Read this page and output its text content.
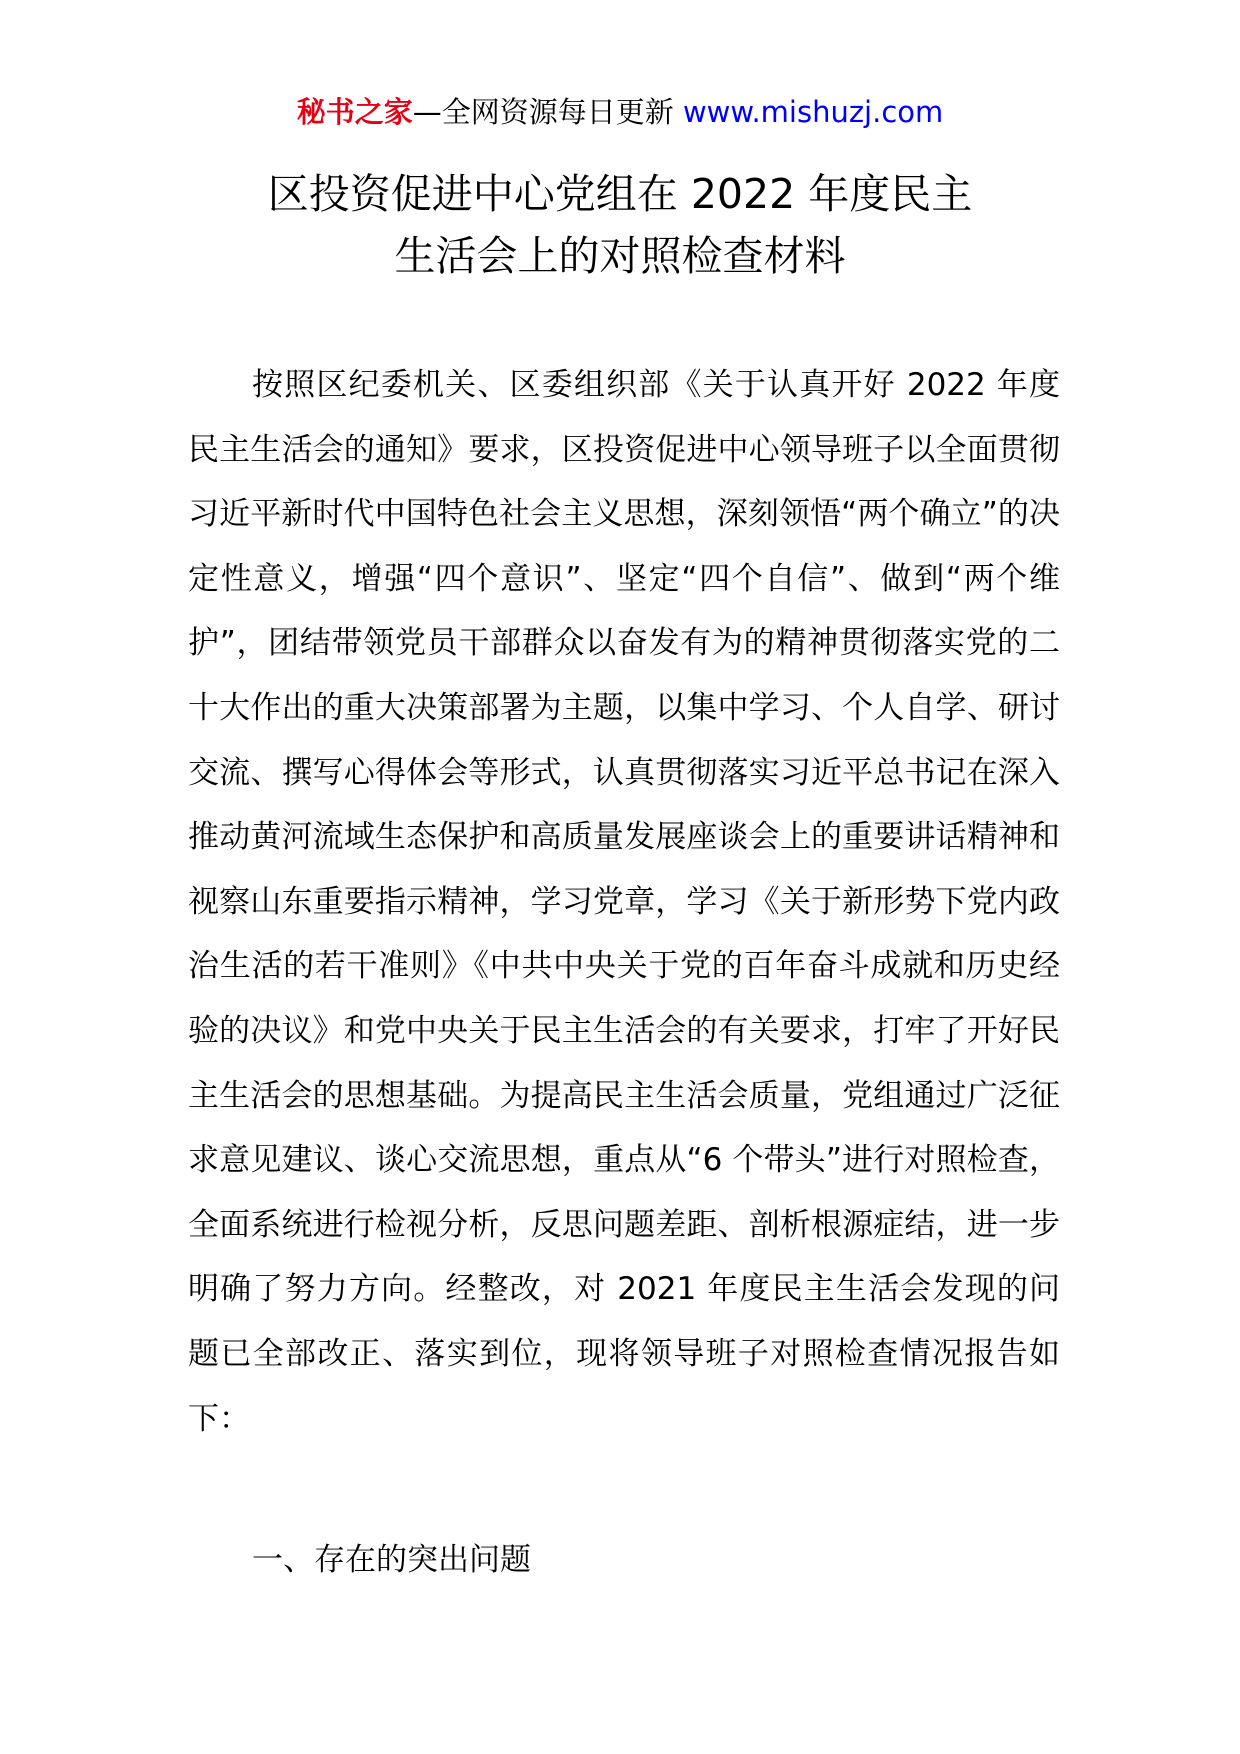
秘书之家—全网资源每日更新 www.mishuzj.com
区投资促进中心党组在 2022 年度民主
生活会上的对照检查材料

按照区纪委机关、区委组织部《关于认真开好 2022 年度民主生活会的通知》要求，区投资促进中心领导班子以全面贯彻习近平新时代中国特色社会主义思想，深刻领悟“两个确立”的决定性意义，增强“四个意识”、坚定“四个自信”、做到“两个维护”，团结带领党员干部群众以奋发有为的精神贯彻落实党的二十大作出的重大决策部署为主题，以集中学习、个人自学、研讨交流、撰写心得体会等形式，认真贯彻落实习近平总书记在深入推动黄河流域生态保护和高质量发展座谈会上的重要讲话精神和视察山东重要指示精神，学习党章，学习《关于新形势下党内政治生活的若干准则》《中共中央关于党的百年奋斗成就和历史经验的决议》和党中央关于民主生活会的有关要求，打牢了开好民主生活会的思想基础。为提高民主生活会质量，党组通过广泛征求意见建议、谈心交流思想，重点从“6 个带头”进行对照检查，全面系统进行检视分析，反思问题差距、剖析根源症结，进一步明确了努力方向。经整改，对 2021 年度民主生活会发现的问题已全部改正、落实到位，现将领导班子对照检查情况报告如下：

一、存在的突出问题
